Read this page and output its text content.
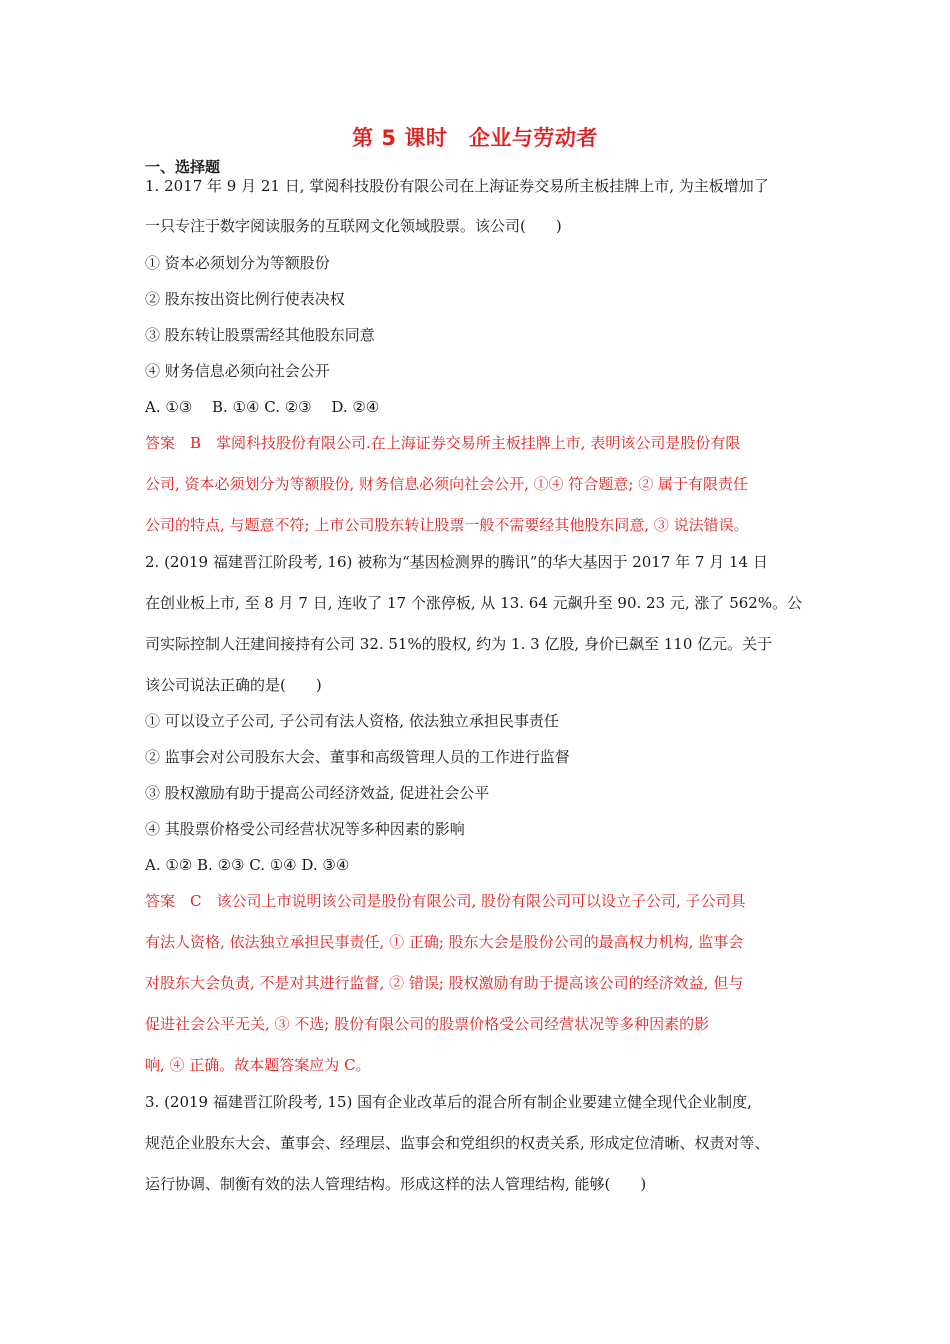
第 5 课时　企业与劳动者
一、选择题
1. 2017 年 9 月 21 日, 掌阅科技股份有限公司在上海证券交易所主板挂牌上市, 为主板增加了
一只专注于数字阅读服务的互联网文化领域股票。该公司(　　)
① 资本必须划分为等额股份
② 股东按出资比例行使表决权
③ 股东转让股票需经其他股东同意
④ 财务信息必须向社会公开
A. ①③　 B. ①④ C. ②③　 D. ②④
答案　B　掌阅科技股份有限公司.在上海证券交易所主板挂牌上市, 表明该公司是股份有限
公司, 资本必须划分为等额股份, 财务信息必须向社会公开, ①④ 符合题意; ② 属于有限责任
公司的特点, 与题意不符; 上市公司股东转让股票一般不需要经其他股东同意, ③ 说法错误。
2. (2019 福建晋江阶段考, 16) 被称为“基因检测界的腾讯”的华大基因于 2017 年 7 月 14 日
在创业板上市, 至 8 月 7 日, 连收了 17 个涨停板, 从 13. 64 元飙升至 90. 23 元, 涨了 562%。公
司实际控制人汪建间接持有公司 32. 51%的股权, 约为 1. 3 亿股, 身价已飙至 110 亿元。关于
该公司说法正确的是(　　)
① 可以设立子公司, 子公司有法人资格, 依法独立承担民事责任
② 监事会对公司股东大会、董事和高级管理人员的工作进行监督
③ 股权激励有助于提高公司经济效益, 促进社会公平
④ 其股票价格受公司经营状况等多种因素的影响
A. ①② B. ②③ C. ①④ D. ③④
答案　C　该公司上市说明该公司是股份有限公司, 股份有限公司可以设立子公司, 子公司具
有法人资格, 依法独立承担民事责任, ① 正确; 股东大会是股份公司的最高权力机构, 监事会
对股东大会负责, 不是对其进行监督, ② 错误; 股权激励有助于提高该公司的经济效益, 但与
促进社会公平无关, ③ 不选; 股份有限公司的股票价格受公司经营状况等多种因素的影
响, ④ 正确。故本题答案应为 C。
3. (2019 福建晋江阶段考, 15) 国有企业改革后的混合所有制企业要建立健全现代企业制度,
规范企业股东大会、董事会、经理层、监事会和党组织的权责关系, 形成定位清晰、权责对等、
运行协调、制衡有效的法人管理结构。形成这样的法人管理结构, 能够(　　)
